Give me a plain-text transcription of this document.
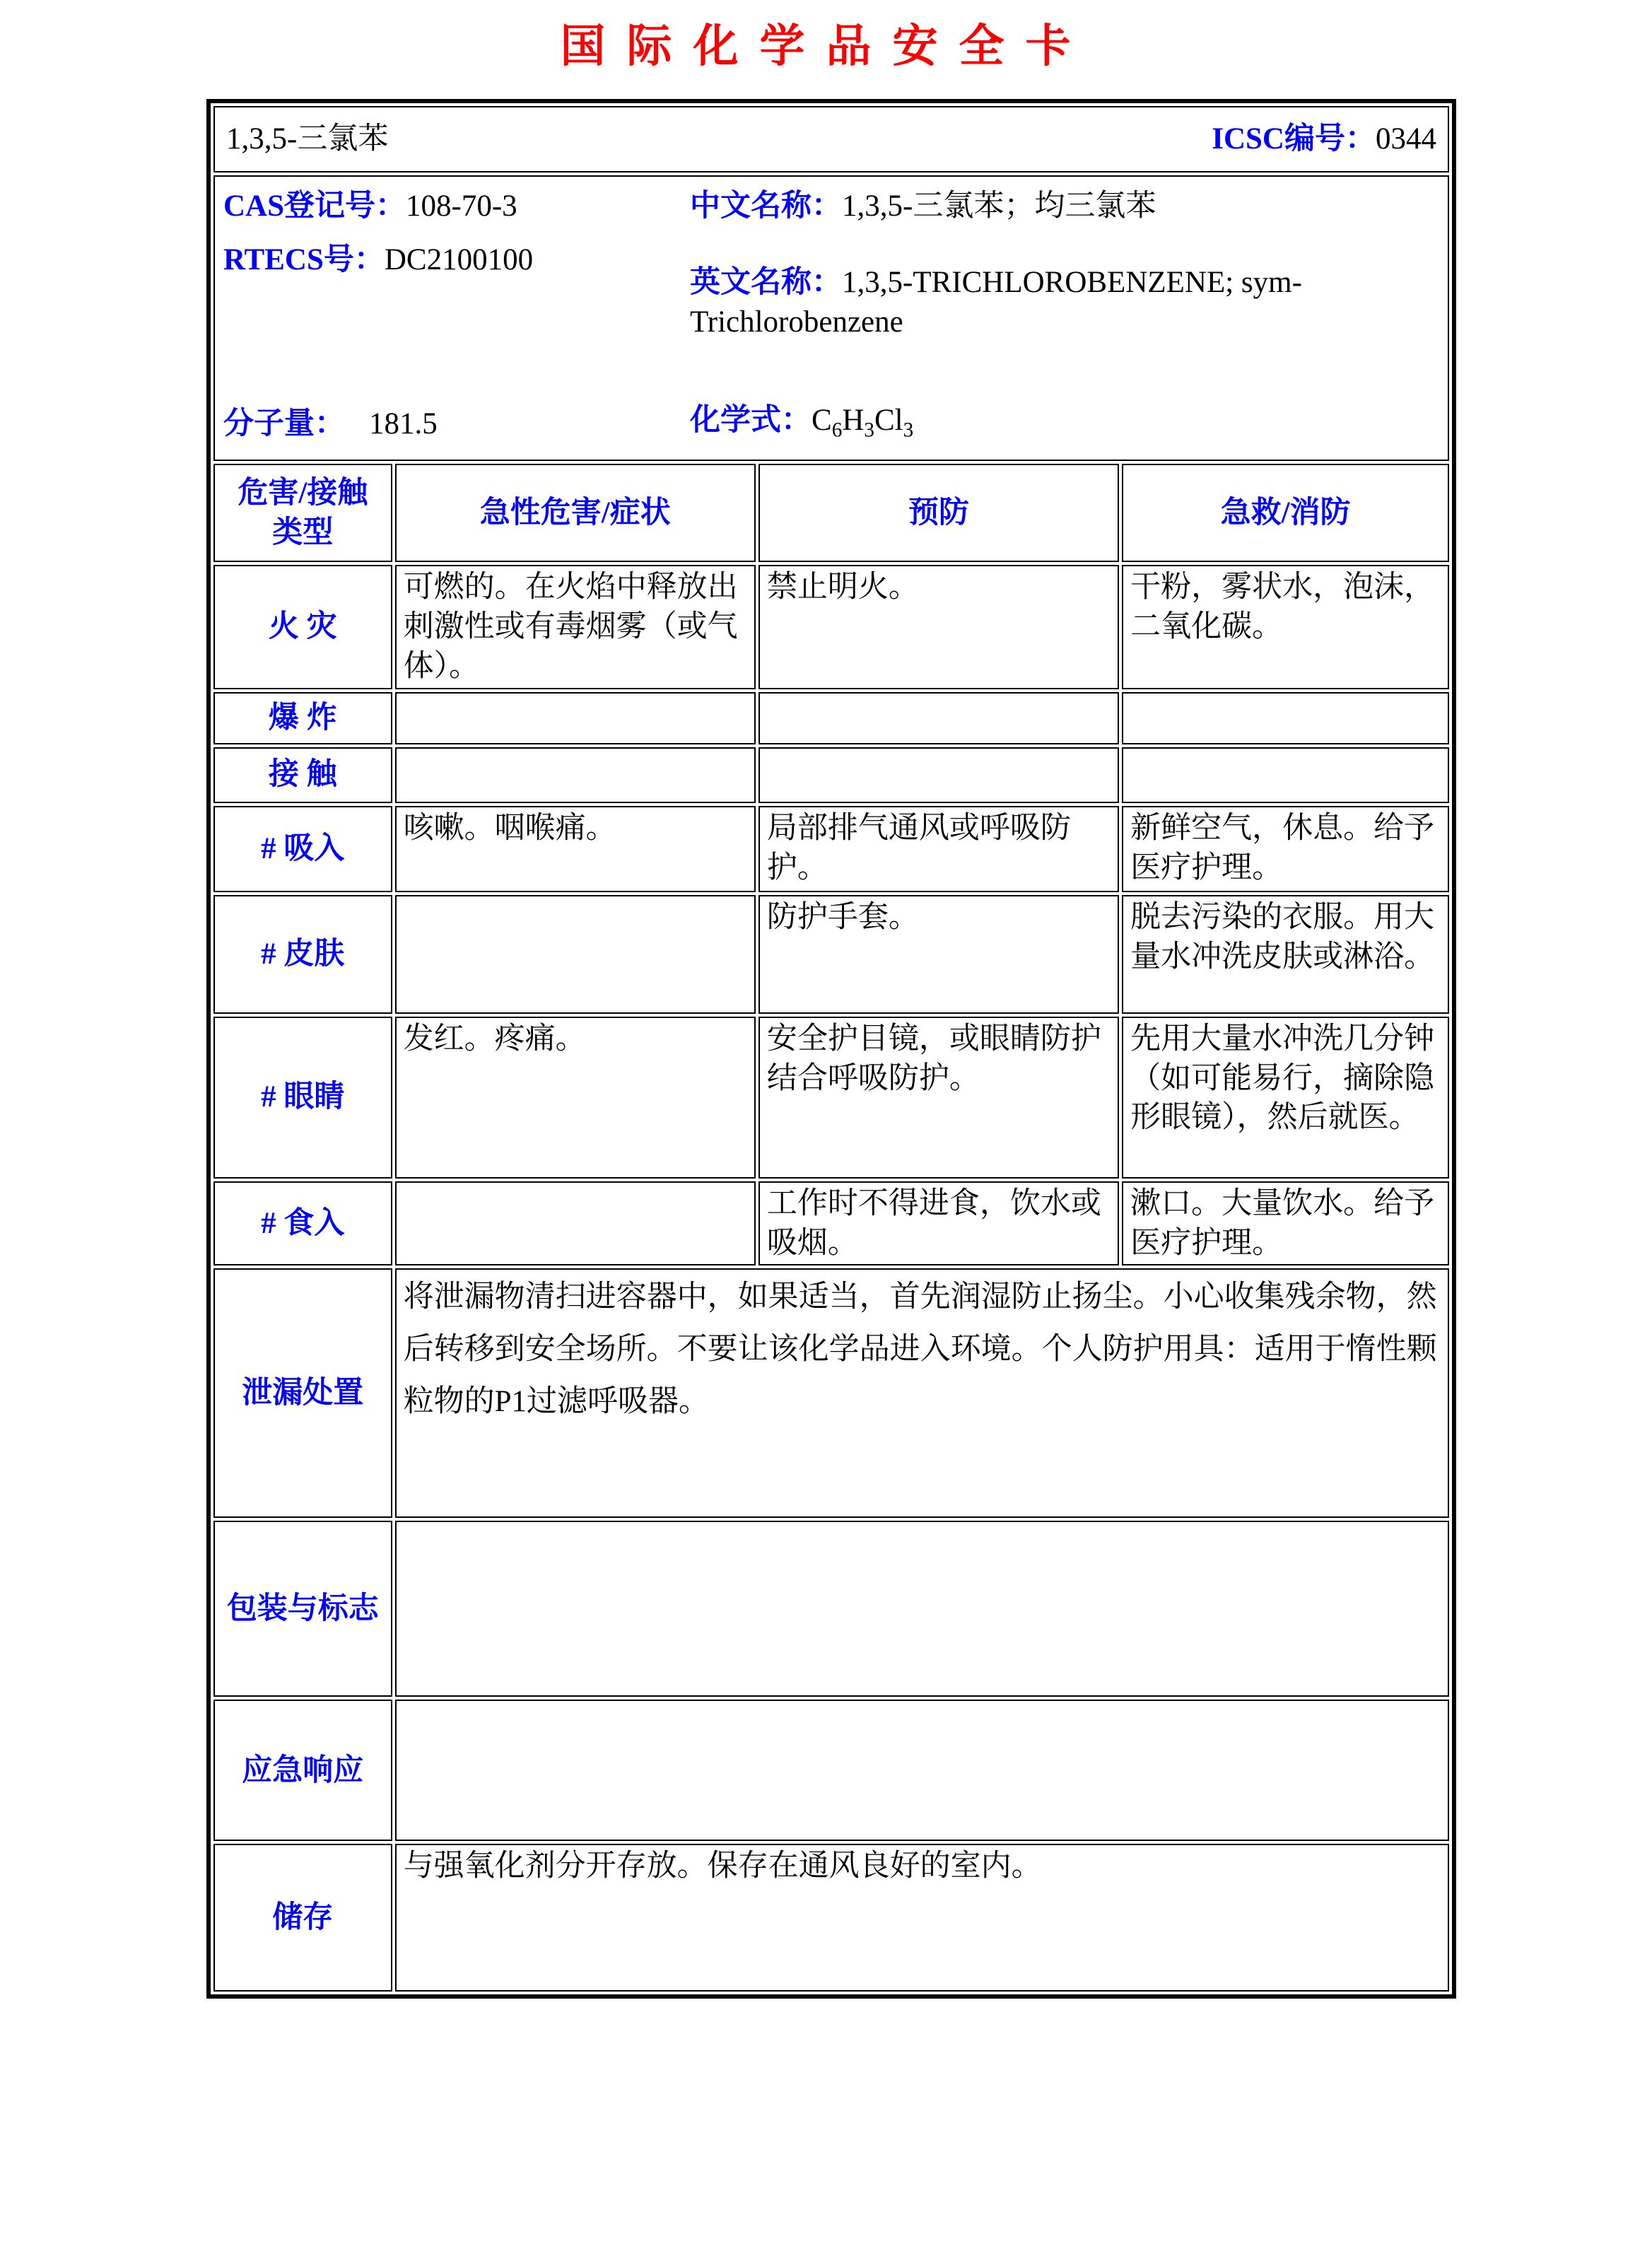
国际化学品安全卡
1,3,5-三氯苯 ICSC编号：0344			

CAS登记号：108-70-3
RTECS号：DC2100100
中文名称：1,3,5-三氯苯；均三氯苯
英文名称：1,3,5-TRICHLOROBENZENE; sym-Trichlorobenzene
分子量： 181.5	化学式：$C_6H_3Cl_3$

危害/接触
类型	急性危害/症状	预防	急救/消防
火 灾	可燃的。在火焰中释放出刺激性或有毒烟雾（或气体）。	禁止明火。	干粉，雾状水，泡沫，二氧化碳。
爆 炸			
接 触			
# 吸入	咳嗽。咽喉痛。	局部排气通风或呼吸防护。	新鲜空气，休息。给予医疗护理。
# 皮肤		防护手套。	脱去污染的衣服。用大量水冲洗皮肤或淋浴。
# 眼睛	发红。疼痛。	安全护目镜，或眼睛防护结合呼吸防护。	先用大量水冲洗几分钟（如可能易行，摘除隐形眼镜），然后就医。
# 食入		工作时不得进食，饮水或吸烟。	漱口。大量饮水。给予医疗护理。
泄漏处置	将泄漏物清扫进容器中，如果适当，首先润湿防止扬尘。小心收集残余物，然后转移到安全场所。不要让该化学品进入环境。个人防护用具：适用于惰性颗粒物的P1过滤呼吸器。		
包装与标志			
应急响应			
储存	与强氧化剂分开存放。保存在通风良好的室内。		
